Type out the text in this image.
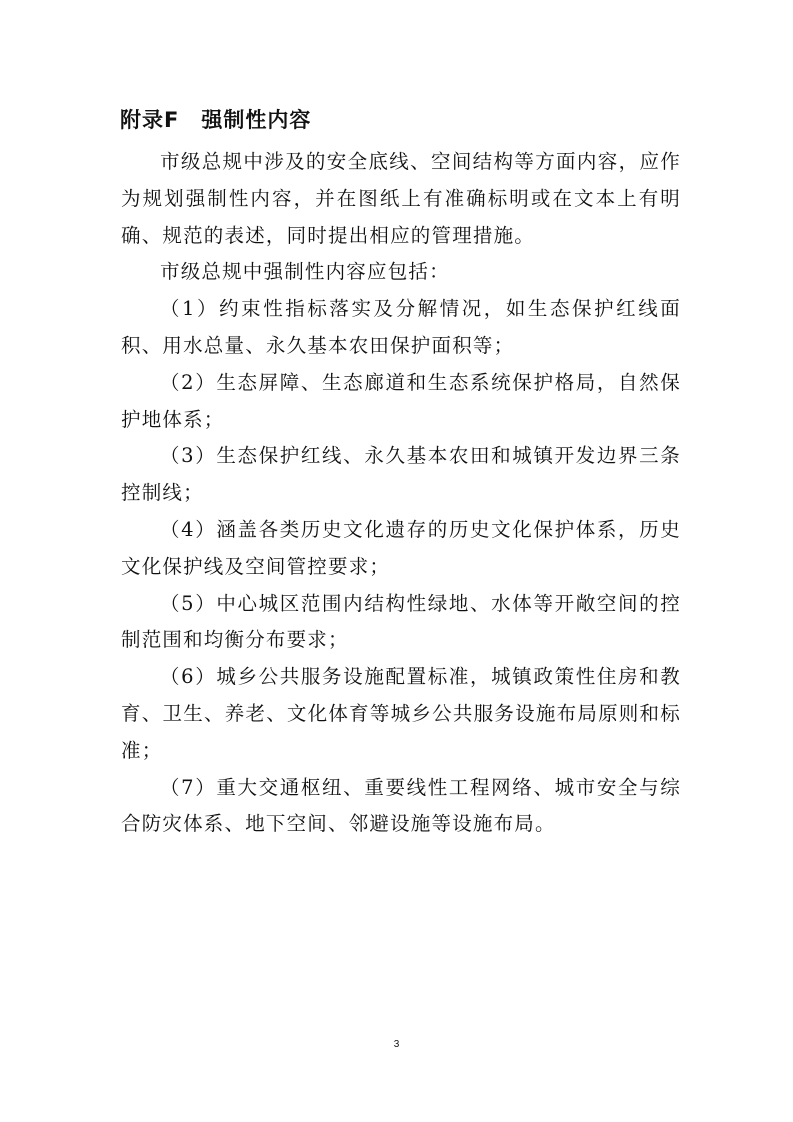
附录F 强制性内容

市级总规中涉及的安全底线、空间结构等方面内容，应作为规划强制性内容，并在图纸上有准确标明或在文本上有明确、规范的表述，同时提出相应的管理措施。

市级总规中强制性内容应包括：

（1）约束性指标落实及分解情况，如生态保护红线面积、用水总量、永久基本农田保护面积等；

（2）生态屏障、生态廊道和生态系统保护格局，自然保护地体系；

（3）生态保护红线、永久基本农田和城镇开发边界三条控制线；

（4）涵盖各类历史文化遗存的历史文化保护体系，历史文化保护线及空间管控要求；

（5）中心城区范围内结构性绿地、水体等开敞空间的控制范围和均衡分布要求；

（6）城乡公共服务设施配置标准，城镇政策性住房和教育、卫生、养老、文化体育等城乡公共服务设施布局原则和标准；

（7）重大交通枢纽、重要线性工程网络、城市安全与综合防灾体系、地下空间、邻避设施等设施布局。

3
